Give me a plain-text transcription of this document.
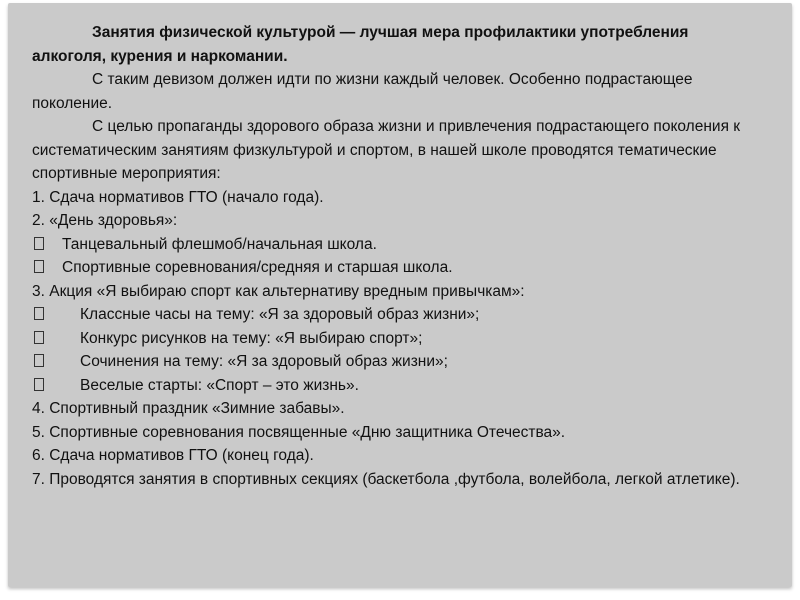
Занятия физической культурой — лучшая мера профилактики употребления алкоголя, курения и наркомании.

С таким девизом должен идти по жизни каждый человек. Особенно подрастающее поколение.

С целью пропаганды здорового образа жизни и привлечения подрастающего поколения к систематическим занятиям физкультурой и спортом, в нашей школе проводятся тематические спортивные мероприятия:

1. Сдача нормативов ГТО (начало года).

2. «День здоровья»:

Танцевальный флешмоб/начальная школа.

Спортивные соревнования/средняя и старшая школа.

3. Акция «Я выбираю спорт как альтернативу вредным привычкам»:

Классные часы на тему: «Я за здоровый образ жизни»;

Конкурс рисунков на тему: «Я выбираю спорт»;

Сочинения на тему: «Я за здоровый образ жизни»;

Веселые старты: «Спорт – это жизнь».

4. Спортивный праздник «Зимние забавы».

5. Спортивные соревнования посвященные «Дню защитника Отечества».

6. Сдача нормативов ГТО (конец года).

7. Проводятся занятия в спортивных секциях (баскетбола ,футбола, волейбола, легкой атлетике).
